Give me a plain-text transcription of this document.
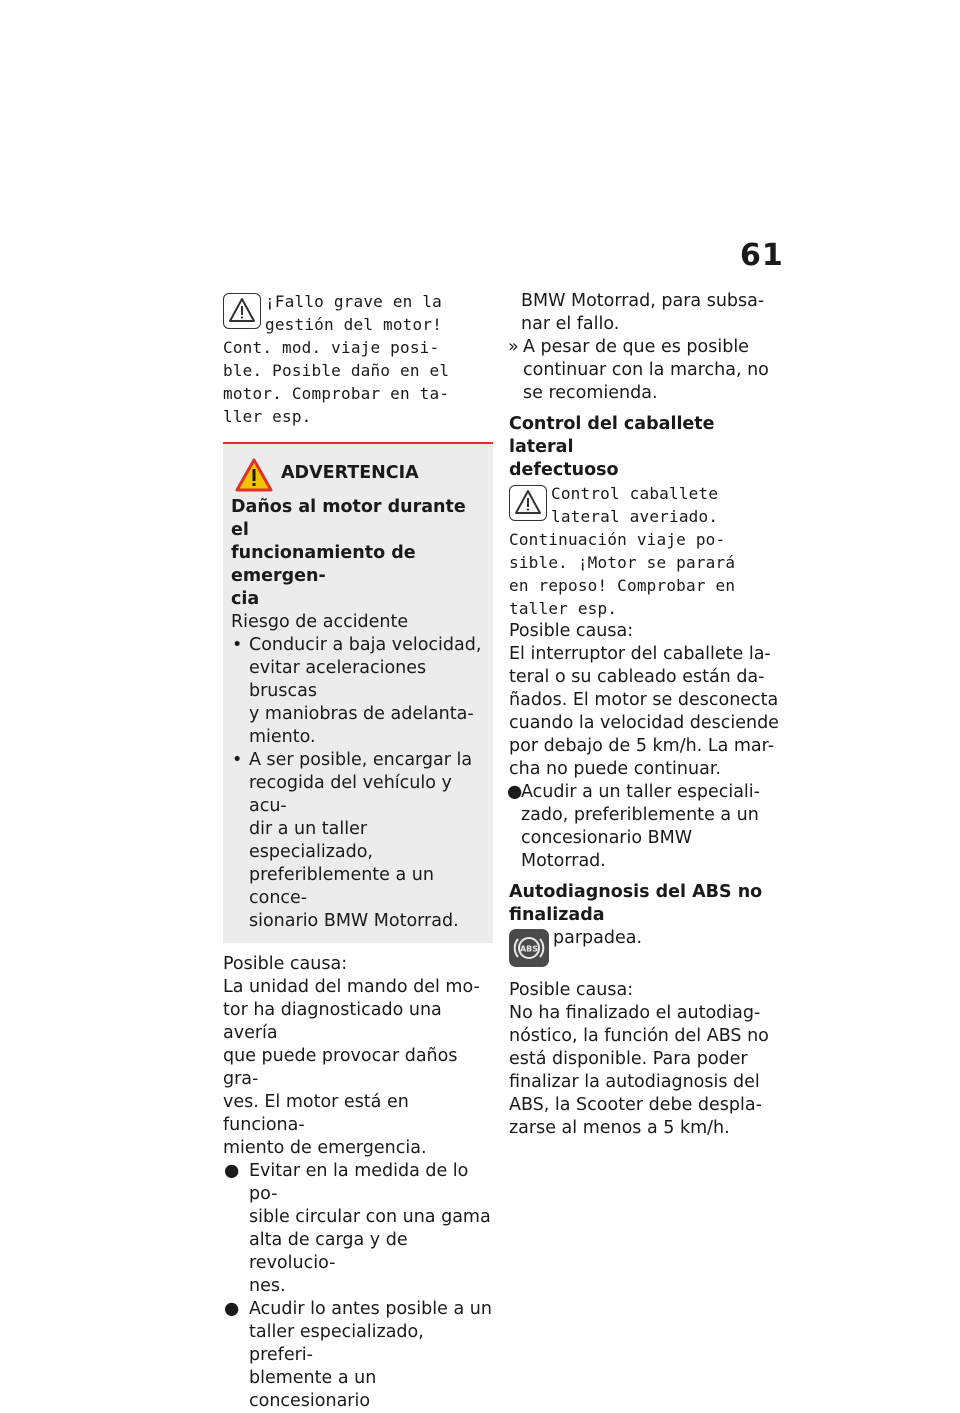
61
¡Fallo grave en la
gestión del motor!
Cont. mod. viaje posi-
ble. Posible daño en el
motor. Comprobar en ta-
ller esp.
ADVERTENCIA
Daños al motor durante el
funcionamiento de emergen-
cia
Riesgo de accidente
• Conducir a baja velocidad,
evitar aceleraciones bruscas
y maniobras de adelanta-
miento.
• A ser posible, encargar la
recogida del vehículo y acu-
dir a un taller especializado,
preferiblemente a un conce-
sionario BMW Motorrad.
Posible causa:
La unidad del mando del mo-
tor ha diagnosticado una avería
que puede provocar daños gra-
ves. El motor está en funciona-
miento de emergencia.
● Evitar en la medida de lo po-
sible circular con una gama
alta de carga y de revolucio-
nes.
● Acudir lo antes posible a un
taller especializado, preferi-
blemente a un concesionario
BMW Motorrad, para subsa-
nar el fallo.
» A pesar de que es posible
continuar con la marcha, no
se recomienda.
Control del caballete lateral
defectuoso
Control caballete
lateral averiado.
Continuación viaje po-
sible. ¡Motor se parará
en reposo! Comprobar en
taller esp.
Posible causa:
El interruptor del caballete la-
teral o su cableado están da-
ñados. El motor se desconecta
cuando la velocidad desciende
por debajo de 5 km/h. La mar-
cha no puede continuar.
●
Acudir a un taller especiali-
zado, preferiblemente a un
concesionario BMW Motorrad.
Autodiagnosis del ABS no
finalizada
ABS
parpadea.
Posible causa:
No ha finalizado el autodiag-
nóstico, la función del ABS no
está disponible. Para poder
finalizar la autodiagnosis del
ABS, la Scooter debe despla-
zarse al menos a 5 km/h.
